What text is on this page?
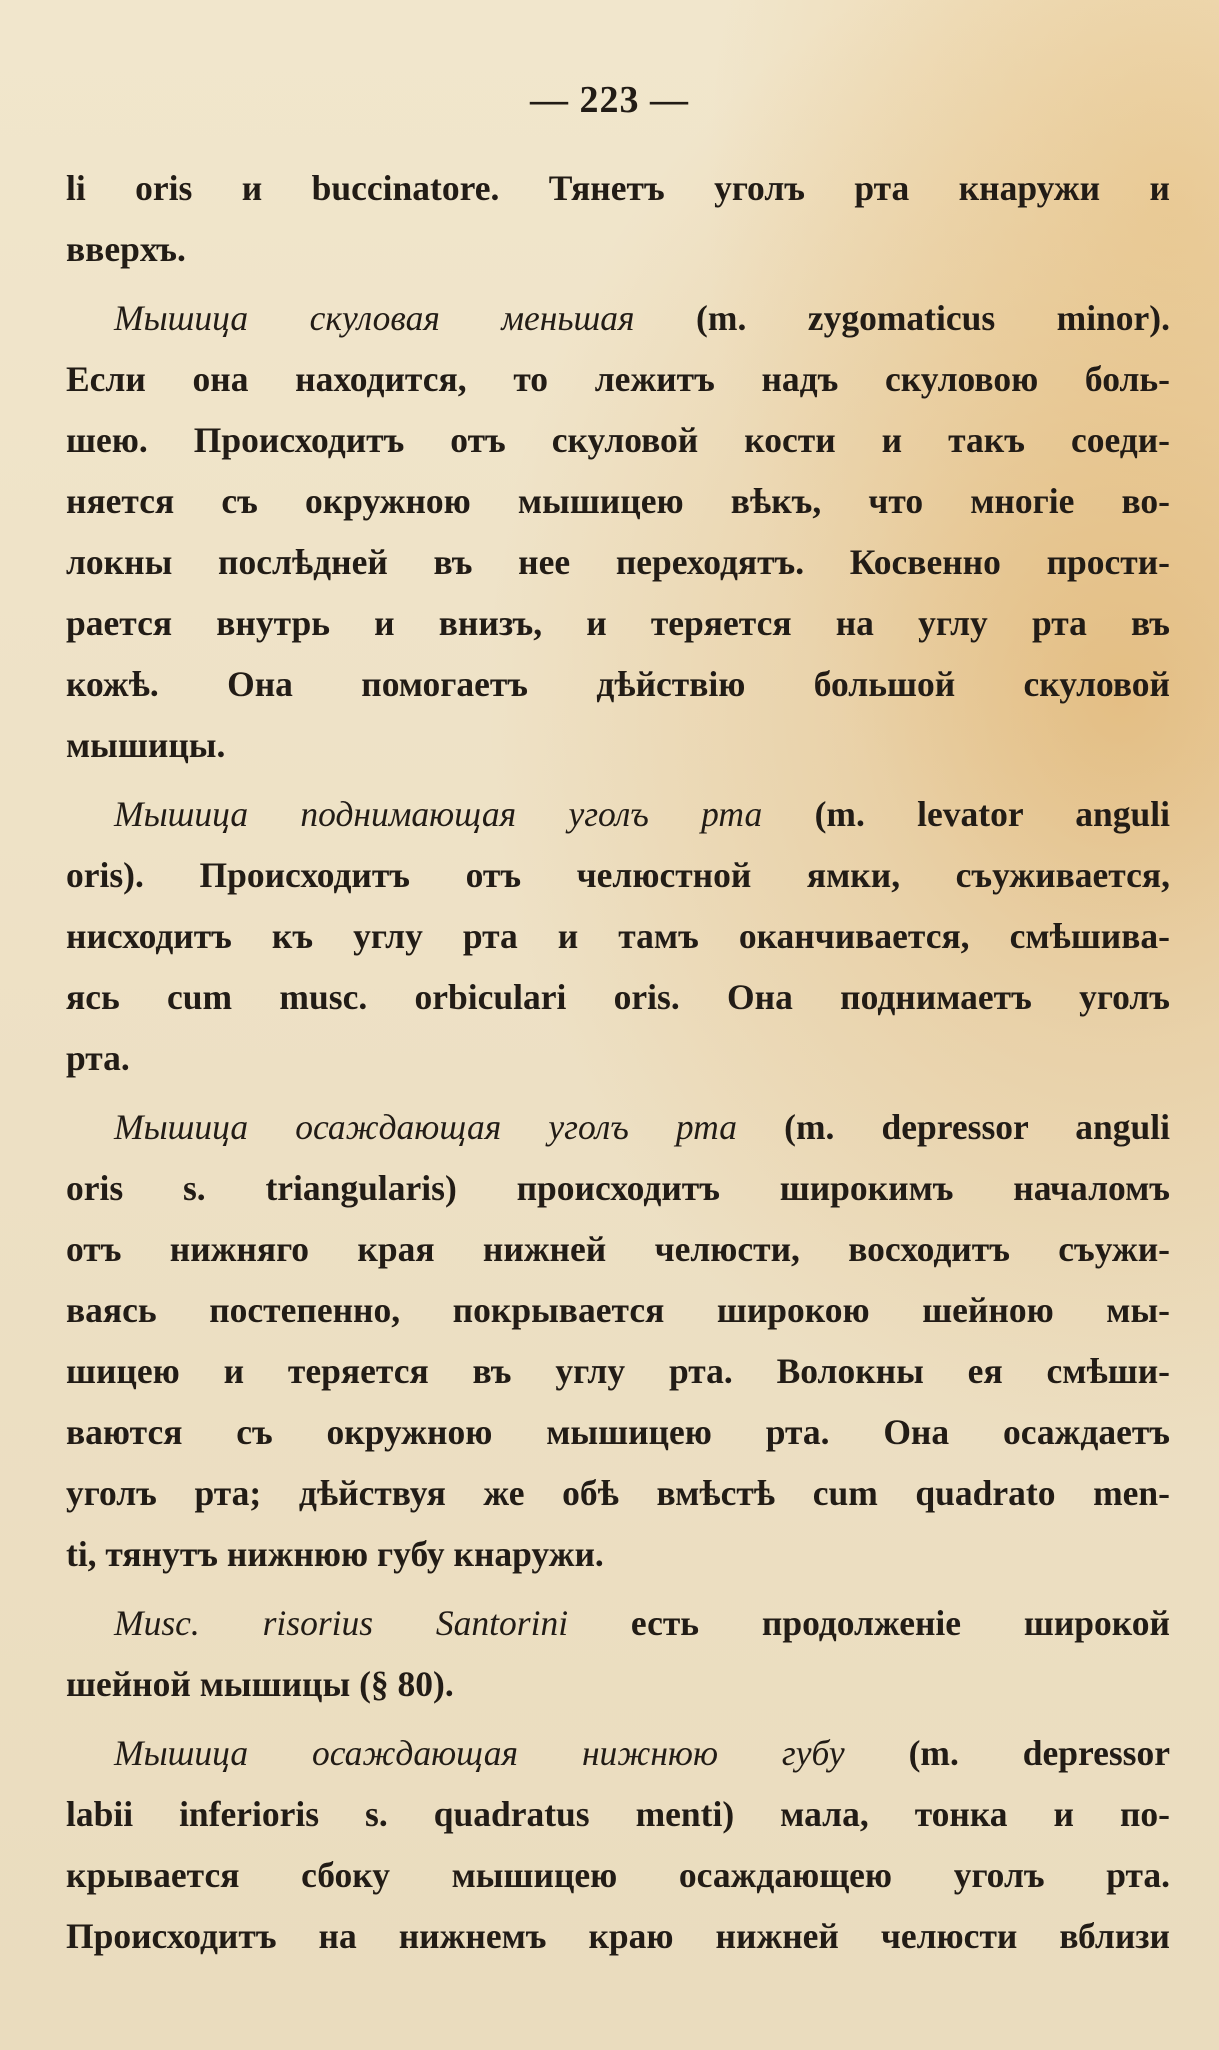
— 223 —
li oris и buccinatore. Тянетъ уголъ рта кнаружи и
вверхъ.
Мышица скуловая меньшая (m. zygomaticus minor).
Если она находится, то лежитъ надъ скуловою боль-
шею. Происходитъ отъ скуловой кости и такъ соеди-
няется съ окружною мышицею вѣкъ, что многіе во-
локны послѣдней въ нее переходятъ. Косвенно прости-
рается внутрь и внизъ, и теряется на углу рта въ
кожѣ. Она помогаетъ дѣйствію большой скуловой
мышицы.
Мышица поднимающая уголъ рта (m. levator anguli
oris). Происходитъ отъ челюстной ямки, съуживается,
нисходитъ къ углу рта и тамъ оканчивается, смѣшива-
ясь cum musc. orbiculari oris. Она поднимаетъ уголъ
рта.
Мышица осаждающая уголъ рта (m. depressor anguli
oris s. triangularis) происходитъ широкимъ началомъ
отъ нижняго края нижней челюсти, восходитъ съужи-
ваясь постепенно, покрывается широкою шейною мы-
шицею и теряется въ углу рта. Волокны ея смѣши-
ваются съ окружною мышицею рта. Она осаждаетъ
уголъ рта; дѣйствуя же обѣ вмѣстѣ cum quadrato men-
ti, тянутъ нижнюю губу кнаружи.
Musc. risorius Santorini есть продолженіе широкой
шейной мышицы (§ 80).
Мышица осаждающая нижнюю губу (m. depressor
labii inferioris s. quadratus menti) мала, тонка и по-
крывается сбоку мышицею осаждающею уголъ рта.
Происходитъ на нижнемъ краю нижней челюсти вблизи
